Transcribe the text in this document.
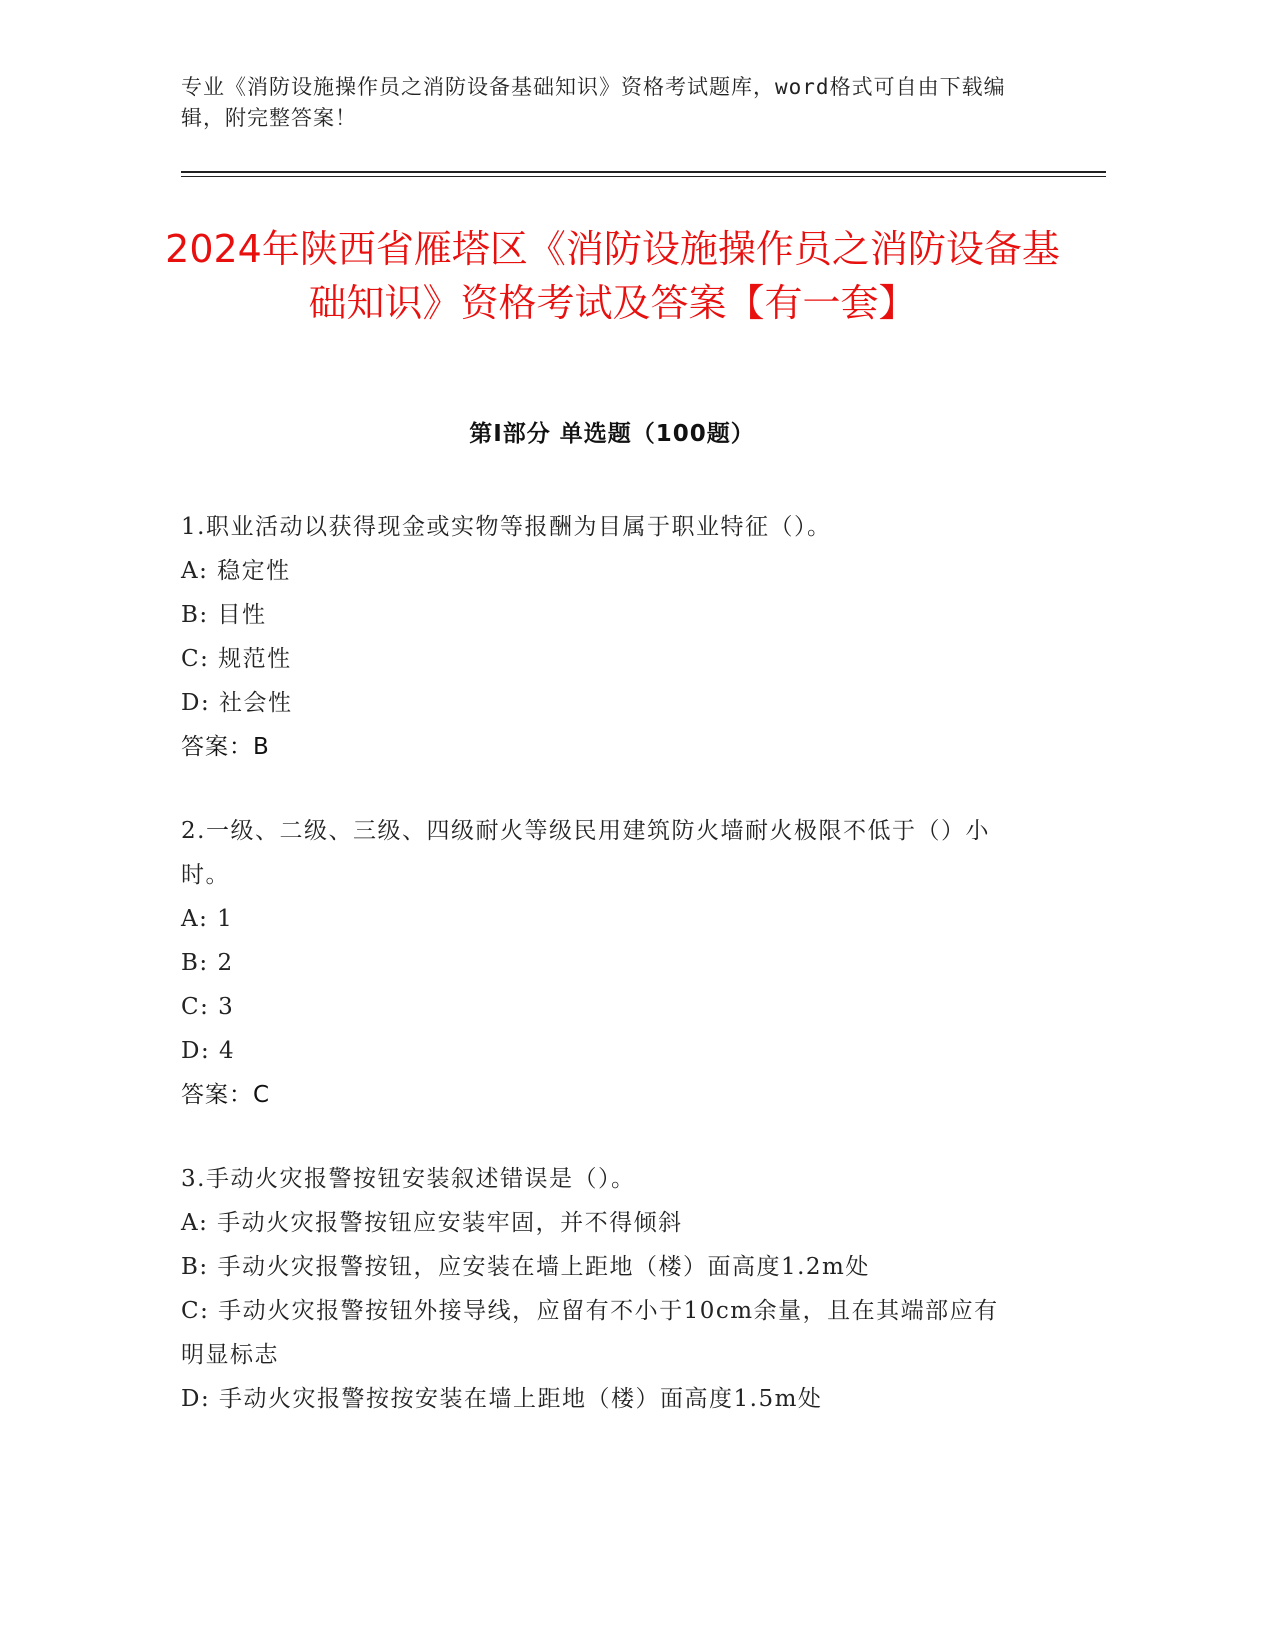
专业《消防设施操作员之消防设备基础知识》资格考试题库，word格式可自由下载编辑，附完整答案！
2024年陕西省雁塔区《消防设施操作员之消防设备基础知识》资格考试及答案【有一套】
第I部分 单选题（100题）
1.职业活动以获得现金或实物等报酬为目属于职业特征（）。
A: 稳定性
B: 目性
C: 规范性
D: 社会性
答案：B
2.一级、二级、三级、四级耐火等级民用建筑防火墙耐火极限不低于（）小时。
A: 1
B: 2
C: 3
D: 4
答案：C
3.手动火灾报警按钮安装叙述错误是（）。
A: 手动火灾报警按钮应安装牢固，并不得倾斜
B: 手动火灾报警按钮，应安装在墙上距地（楼）面高度1.2m处
C: 手动火灾报警按钮外接导线，应留有不小于10cm余量，且在其端部应有明显标志
D: 手动火灾报警按按安装在墙上距地（楼）面高度1.5m处
